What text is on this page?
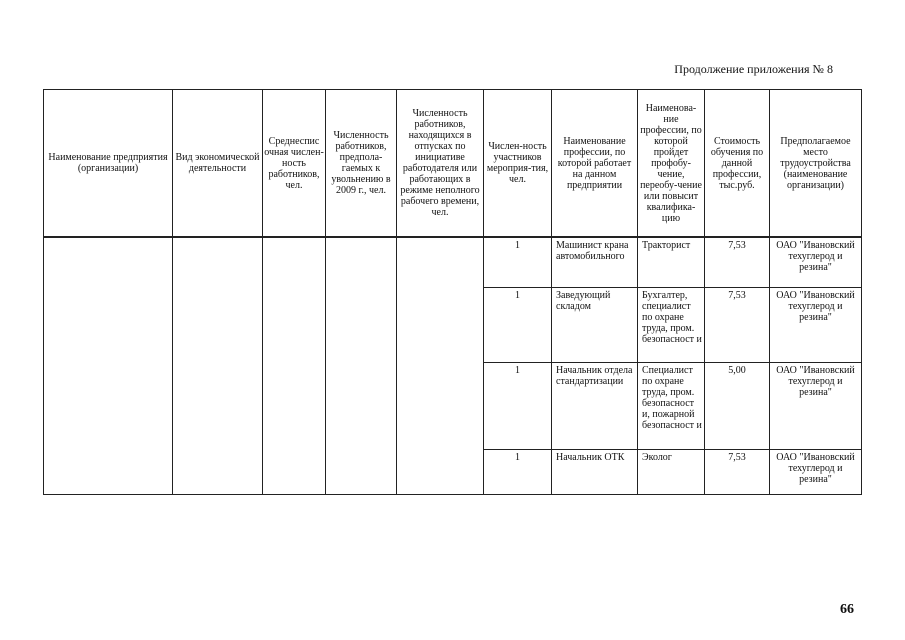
Продолжение приложения № 8
Наименование предприятия (организации)	Вид экономической деятельности	Среднеспис очная числен-ность работников, чел.	Численность работников, предпола-гаемых к увольнению в 2009 г., чел.	Численность работников, находящихся в отпусках по инициативе работодателя или работающих в режиме неполного рабочего времени, чел.	Числен-ность участников мероприя-тия, чел.	Наименование профессии, по которой работает на данном предприятии	Наименова-ние профессии, по которой пройдет профобу-чение, переобу-чение или повысит квалифика-цию	Стоимость обучения по данной профессии, тыс.руб.	Предполагаемое место трудоустройства (наименование организации)
					1	Машинист крана автомобильного	Тракторист	7,53	ОАО "Ивановский техуглерод и резина"
					1	Заведующий складом	Бухгалтер, специалист по охране труда, пром. безопасност и	7,53	ОАО "Ивановский техуглерод и резина"
					1	Начальник отдела стандартизации	Специалист по охране труда, пром. безопасност и, пожарной безопасност и	5,00	ОАО "Ивановский техуглерод и резина"
					1	Начальник ОТК	Эколог	7,53	ОАО "Ивановский техуглерод и резина"
66
